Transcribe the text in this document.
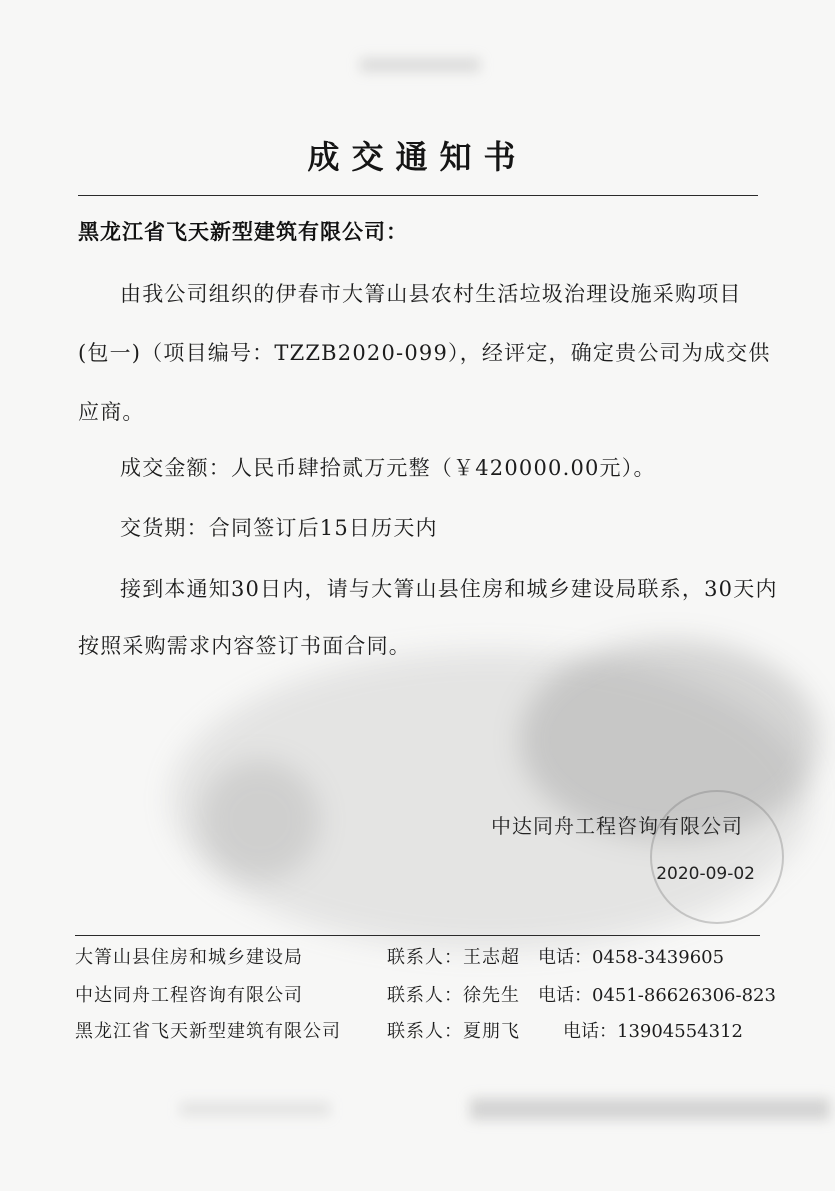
成交通知书
黑龙江省飞天新型建筑有限公司：
由我公司组织的伊春市大箐山县农村生活垃圾治理设施采购项目
(包一)（项目编号：TZZB2020-099），经评定，确定贵公司为成交供
应商。
成交金额：人民币肆拾贰万元整（￥420000.00元）。
交货期：合同签订后15日历天内
接到本通知30日内，请与大箐山县住房和城乡建设局联系，30天内
按照采购需求内容签订书面合同。
中达同舟工程咨询有限公司
2020-09-02
大箐山县住房和城乡建设局	联系人：王志超 电话：0458-3439605
中达同舟工程咨询有限公司	联系人：徐先生 电话：0451-86626306-823
黑龙江省飞天新型建筑有限公司	联系人：夏朋飞 电话：13904554312
